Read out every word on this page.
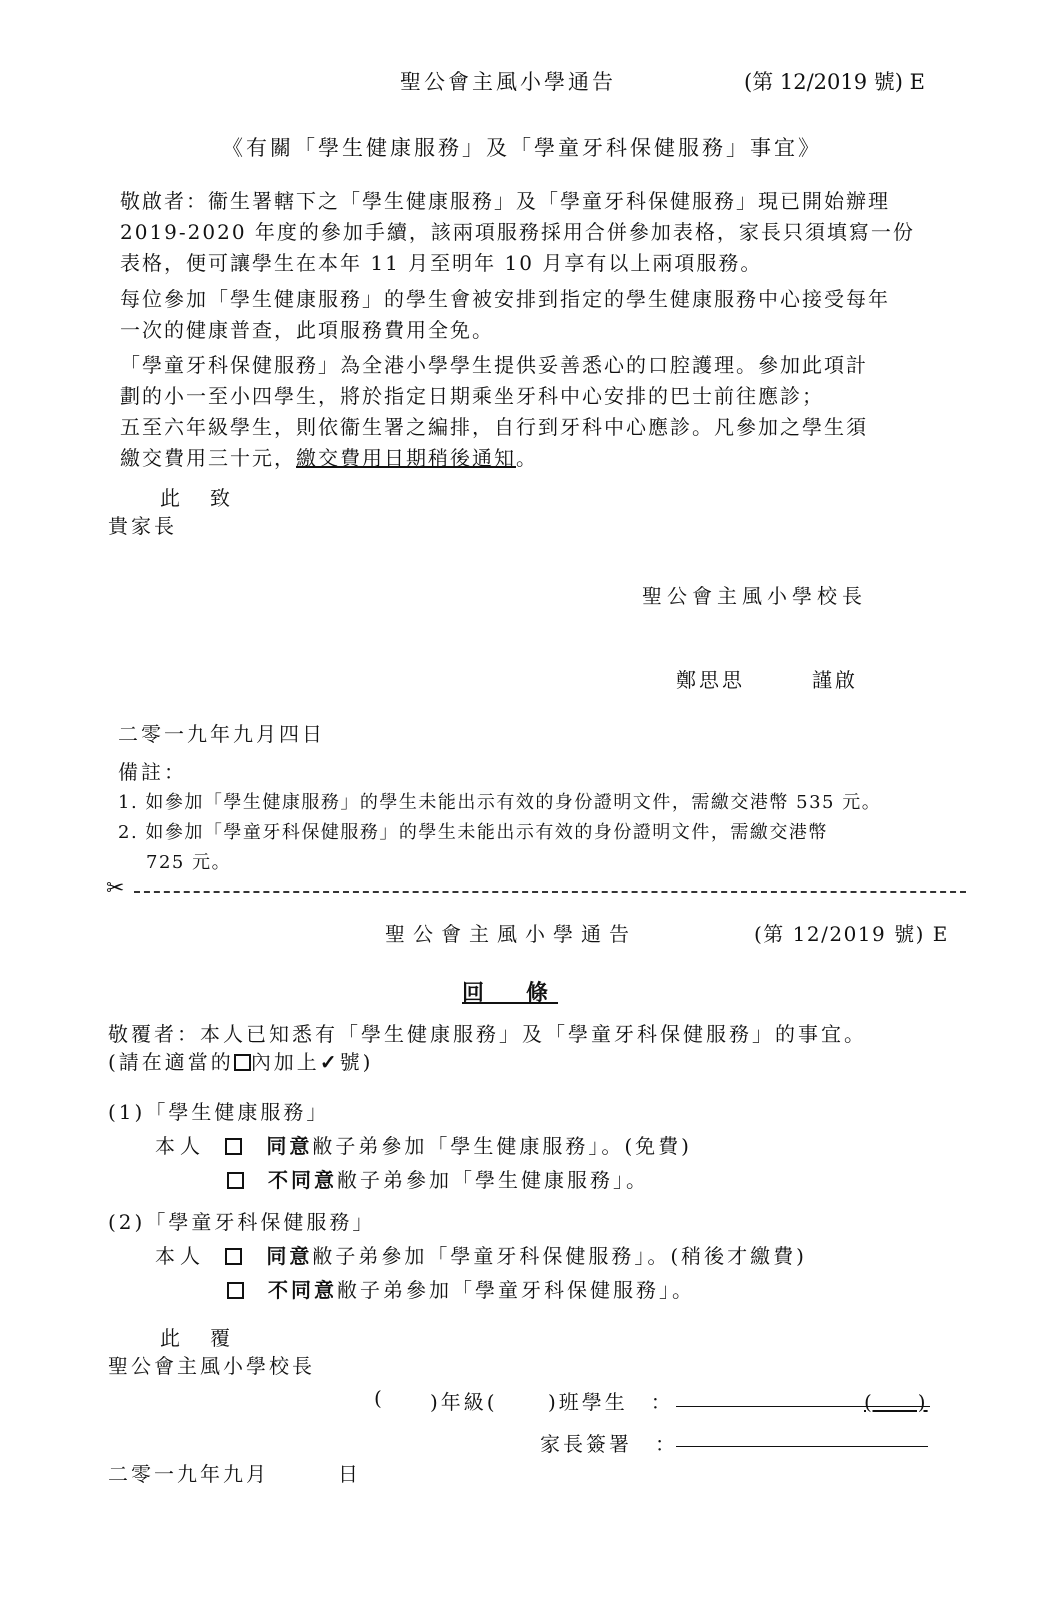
聖公會主風小學通告	(第 12/2019 號) E
《有關「學生健康服務」及「學童牙科保健服務」事宜》
敬啟者：衞生署轄下之「學生健康服務」及「學童牙科保健服務」現已開始辦理
2019-2020 年度的參加手續，該兩項服務採用合併參加表格，家長只須填寫一份
表格，便可讓學生在本年 11 月至明年 10 月享有以上兩項服務。
每位參加「學生健康服務」的學生會被安排到指定的學生健康服務中心接受每年
一次的健康普查，此項服務費用全免。
「學童牙科保健服務」為全港小學學生提供妥善悉心的口腔護理。參加此項計
劃的小一至小四學生，將於指定日期乘坐牙科中心安排的巴士前往應診；
五至六年級學生，則依衞生署之編排，自行到牙科中心應診。凡參加之學生須
繳交費用三十元，繳交費用日期稍後通知。
此　致
貴家長
聖公會主風小學校長
鄭思思	謹啟
二零一九年九月四日
備註：
1. 如參加「學生健康服務」的學生未能出示有效的身份證明文件，需繳交港幣 535 元。
2. 如參加「學童牙科保健服務」的學生未能出示有效的身份證明文件，需繳交港幣
725 元。
✂
聖公會主風小學通告	(第 12/2019 號) E
回　條
敬覆者：本人已知悉有「學生健康服務」及「學童牙科保健服務」的事宜。
(請在適當的 內加上✓號)
(1)「學生健康服務」
本人	同意敝子弟參加「學生健康服務」。(免費)
不同意敝子弟參加「學生健康服務」。
(2)「學童牙科保健服務」
本人	同意敝子弟參加「學童牙科保健服務」。(稍後才繳費)
不同意敝子弟參加「學童牙科保健服務」。
此　覆
聖公會主風小學校長
( )年級(	)班學生　：	(　　)
家長簽署　：
二零一九年九月　　　日
